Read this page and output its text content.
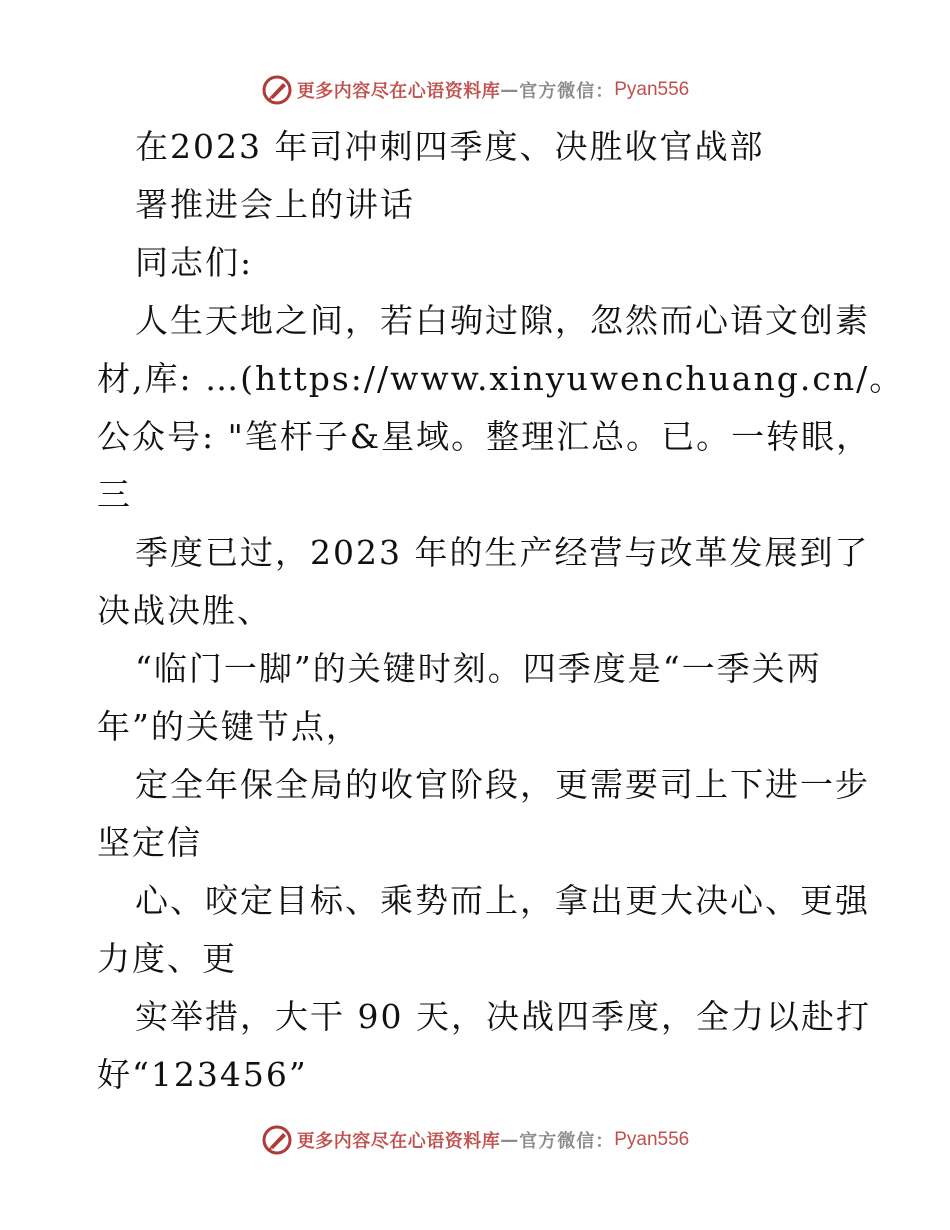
更多内容尽在心语资料库 — 官方微信： Pyan556
在2023 年司冲刺四季度、决胜收官战部
署推进会上的讲话
同志们:
人生天地之间，若白驹过隙，忽然而心语文创素
材,库: …(https://www.xinyuwenchuang.cn/。
公众号: "笔杆子&星域。整理汇总。已。一转眼，
三
季度已过，2023 年的生产经营与改革发展到了
决战决胜、
“临门一脚”的关键时刻。四季度是“一季关两
年”的关键节点，
定全年保全局的收官阶段，更需要司上下进一步
坚定信
心、咬定目标、乘势而上，拿出更大决心、更强
力度、更
实举措，大干 90 天，决战四季度，全力以赴打
好“123456”
更多内容尽在心语资料库 — 官方微信： Pyan556
